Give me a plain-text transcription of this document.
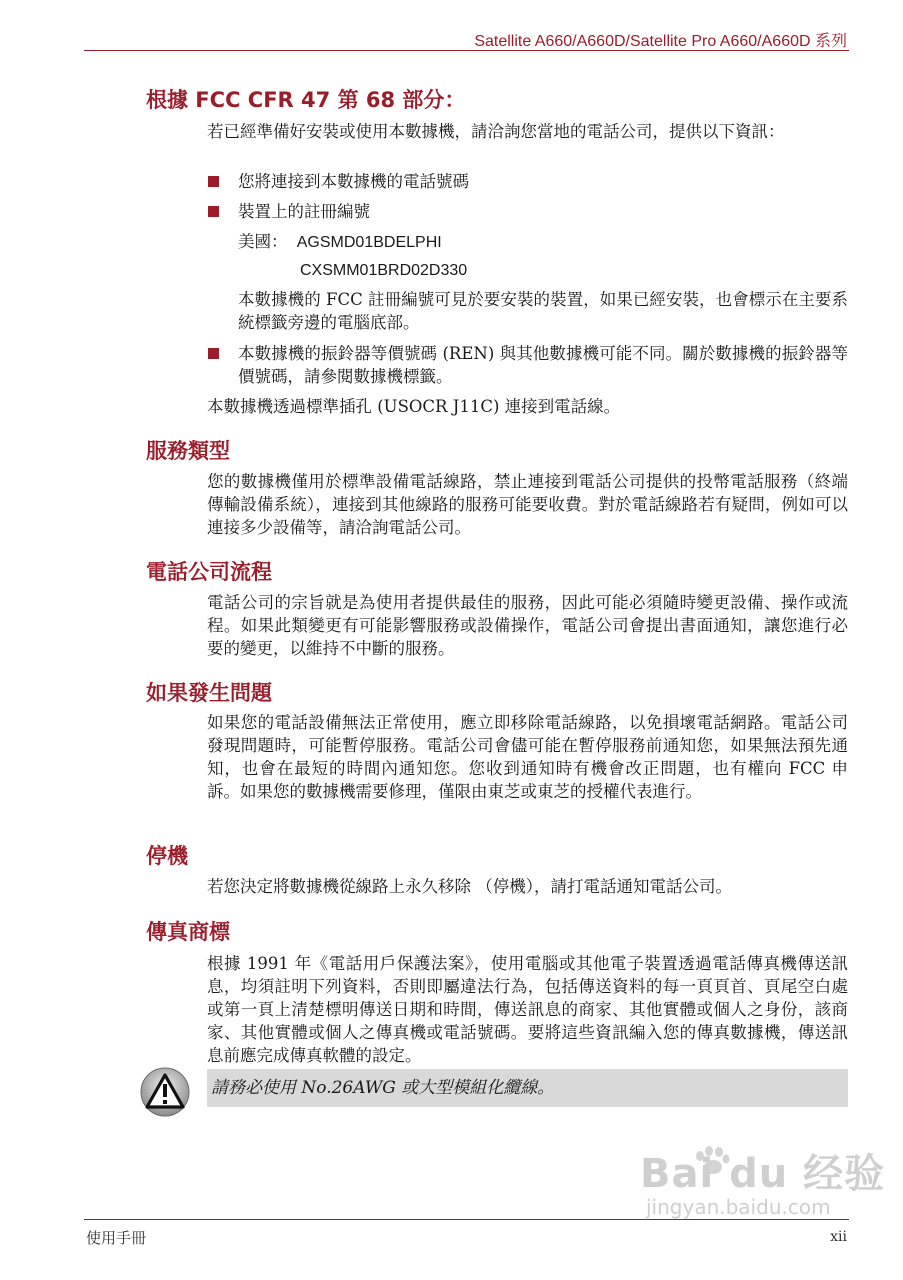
Satellite A660/A660D/Satellite Pro A660/A660D 系列
根據 FCC CFR 47 第 68 部分：

若已經準備好安裝或使用本數據機，請洽詢您當地的電話公司，提供以下資訊：

您將連接到本數據機的電話號碼
裝置上的註冊編號
美國： AGSMD01BDELPHI
CXSMM01BRD02D330

本數據機的 FCC 註冊編號可見於要安裝的裝置，如果已經安裝，也會標示在主要系統標籤旁邊的電腦底部。

本數據機的振鈴器等價號碼 (REN) 與其他數據機可能不同。關於數據機的振鈴器等價號碼，請參閱數據機標籤。

本數據機透過標準插孔 (USOCR J11C) 連接到電話線。

服務類型

您的數據機僅用於標準設備電話線路，禁止連接到電話公司提供的投幣電話服務（終端傳輸設備系統），連接到其他線路的服務可能要收費。對於電話線路若有疑問，例如可以連接多少設備等，請洽詢電話公司。

電話公司流程

電話公司的宗旨就是為使用者提供最佳的服務，因此可能必須隨時變更設備、操作或流程。如果此類變更有可能影響服務或設備操作，電話公司會提出書面通知，讓您進行必要的變更，以維持不中斷的服務。

如果發生問題

如果您的電話設備無法正常使用，應立即移除電話線路，以免損壞電話網路。電話公司發現問題時，可能暫停服務。電話公司會儘可能在暫停服務前通知您，如果無法預先通知，也會在最短的時間內通知您。您收到通知時有機會改正問題，也有權向 FCC 申訴。如果您的數據機需要修理，僅限由東芝或東芝的授權代表進行。

停機

若您決定將數據機從線路上永久移除 （停機），請打電話通知電話公司。

傳真商標

根據 1991 年《電話用戶保護法案》，使用電腦或其他電子裝置透過電話傳真機傳送訊息，均須註明下列資料，否則即屬違法行為，包括傳送資料的每一頁頁首、頁尾空白處或第一頁上清楚標明傳送日期和時間，傳送訊息的商家、其他實體或個人之身份，該商家、其他實體或個人之傳真機或電話號碼。要將這些資訊編入您的傳真數據機，傳送訊息前應完成傳真軟體的設定。

請務必使用 No.26AWG 或大型模組化纜線。
Bai du 经验
jingyan.baidu.com
使用手冊	xii
